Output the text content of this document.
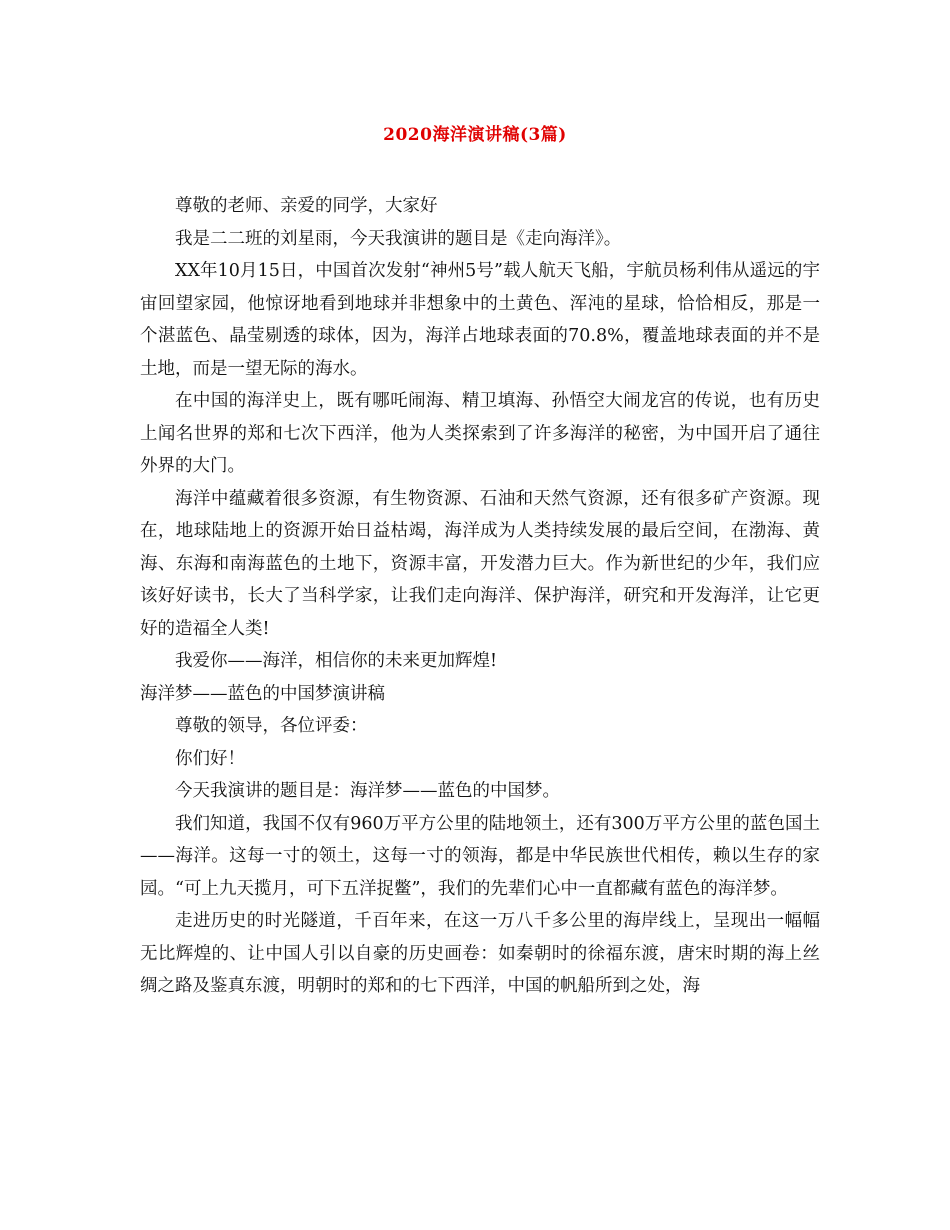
2020海洋演讲稿(3篇)

尊敬的老师、亲爱的同学，大家好

我是二二班的刘星雨，今天我演讲的题目是《走向海洋》。

XX年10月15日，中国首次发射“神州5号”载人航天飞船，宇航员杨利伟从遥远的宇宙回望家园，他惊讶地看到地球并非想象中的土黄色、浑沌的星球，恰恰相反，那是一个湛蓝色、晶莹剔透的球体，因为，海洋占地球表面的70.8%，覆盖地球表面的并不是土地，而是一望无际的海水。

在中国的海洋史上，既有哪吒闹海、精卫填海、孙悟空大闹龙宫的传说，也有历史上闻名世界的郑和七次下西洋，他为人类探索到了许多海洋的秘密，为中国开启了通往外界的大门。

海洋中蕴藏着很多资源，有生物资源、石油和天然气资源，还有很多矿产资源。现在，地球陆地上的资源开始日益枯竭，海洋成为人类持续发展的最后空间，在渤海、黄海、东海和南海蓝色的土地下，资源丰富，开发潜力巨大。作为新世纪的少年，我们应该好好读书，长大了当科学家，让我们走向海洋、保护海洋，研究和开发海洋，让它更好的造福全人类!

我爱你——海洋，相信你的未来更加辉煌!

海洋梦——蓝色的中国梦演讲稿

尊敬的领导，各位评委：

你们好！

今天我演讲的题目是：海洋梦——蓝色的中国梦。

我们知道，我国不仅有960万平方公里的陆地领土，还有300万平方公里的蓝色国土——海洋。这每一寸的领土，这每一寸的领海，都是中华民族世代相传，赖以生存的家园。“可上九天揽月，可下五洋捉鳖”，我们的先辈们心中一直都藏有蓝色的海洋梦。

走进历史的时光隧道，千百年来，在这一万八千多公里的海岸线上，呈现出一幅幅无比辉煌的、让中国人引以自豪的历史画卷：如秦朝时的徐福东渡，唐宋时期的海上丝绸之路及鉴真东渡，明朝时的郑和的七下西洋，中国的帆船所到之处，海
